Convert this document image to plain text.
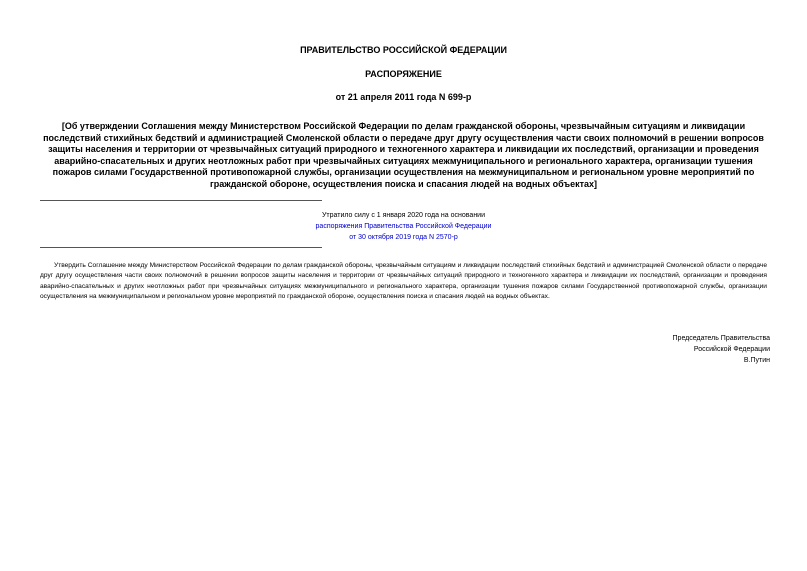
ПРАВИТЕЛЬСТВО РОССИЙСКОЙ ФЕДЕРАЦИИ
РАСПОРЯЖЕНИЕ
от 21 апреля 2011 года N 699-р

[Об утверждении Соглашения между Министерством Российской Федерации по делам гражданской обороны, чрезвычайным ситуациям и ликвидации последствий стихийных бедствий и администрацией Смоленской области о передаче друг другу осуществления части своих полномочий в решении вопросов защиты населения и территории от чрезвычайных ситуаций природного и техногенного характера и ликвидации их последствий, организации и проведения аварийно-спасательных и других неотложных работ при чрезвычайных ситуациях межмуниципального и регионального характера, организации тушения пожаров силами Государственной противопожарной службы, организации осуществления на межмуниципальном и региональном уровне мероприятий по гражданской обороне, осуществления поиска и спасания людей на водных объектах]

Утратило силу с 1 января 2020 года на основании
распоряжения Правительства Российской Федерации
от 30 октября 2019 года N 2570-р

Утвердить Соглашение между Министерством Российской Федерации по делам гражданской обороны, чрезвычайным ситуациям и ликвидации последствий стихийных бедствий и администрацией Смоленской области о передаче друг другу осуществления части своих полномочий в решении вопросов защиты населения и территории от чрезвычайных ситуаций природного и техногенного характера и ликвидации их последствий, организации и проведения аварийно-спасательных и других неотложных работ при чрезвычайных ситуациях межмуниципального и регионального характера, организации тушения пожаров силами Государственной противопожарной службы, организации осуществления на межмуниципальном и региональном уровне мероприятий по гражданской обороне, осуществления поиска и спасания людей на водных объектах.

Председатель Правительства
Российской Федерации
В.Путин
